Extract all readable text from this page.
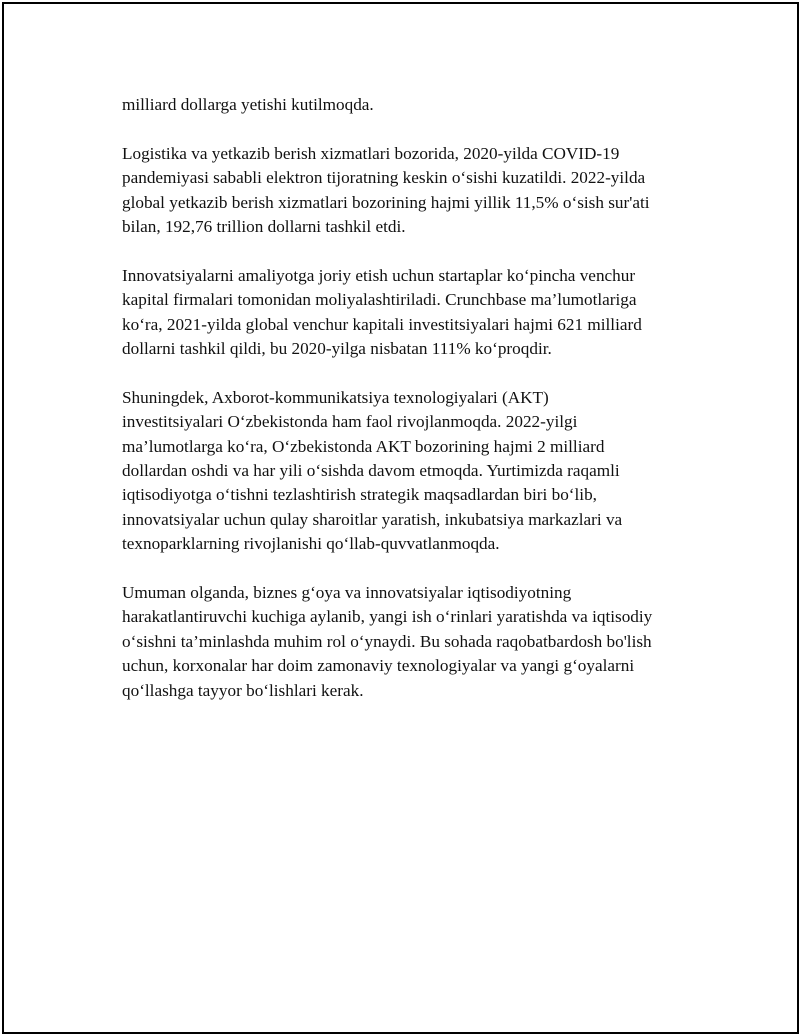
milliard dollarga yetishi kutilmoqda.

Logistika va yetkazib berish xizmatlari bozorida, 2020-yilda COVID-19
pandemiyasi sababli elektron tijoratning keskin o‘sishi kuzatildi. 2022-yilda
global yetkazib berish xizmatlari bozorining hajmi yillik 11,5% o‘sish sur'ati
bilan, 192,76 trillion dollarni tashkil etdi.

Innovatsiyalarni amaliyotga joriy etish uchun startaplar ko‘pincha venchur
kapital firmalari tomonidan moliyalashtiriladi. Crunchbase ma’lumotlariga
ko‘ra, 2021-yilda global venchur kapitali investitsiyalari hajmi 621 milliard
dollarni tashkil qildi, bu 2020-yilga nisbatan 111% ko‘proqdir.

Shuningdek, Axborot-kommunikatsiya texnologiyalari (AKT)
investitsiyalari O‘zbekistonda ham faol rivojlanmoqda. 2022-yilgi
ma’lumotlarga ko‘ra, O‘zbekistonda AKT bozorining hajmi 2 milliard
dollardan oshdi va har yili o‘sishda davom etmoqda. Yurtimizda raqamli
iqtisodiyotga o‘tishni tezlashtirish strategik maqsadlardan biri bo‘lib,
innovatsiyalar uchun qulay sharoitlar yaratish, inkubatsiya markazlari va
texnoparklarning rivojlanishi qo‘llab-quvvatlanmoqda.

Umuman olganda, biznes g‘oya va innovatsiyalar iqtisodiyotning
harakatlantiruvchi kuchiga aylanib, yangi ish o‘rinlari yaratishda va iqtisodiy
o‘sishni ta’minlashda muhim rol o‘ynaydi. Bu sohada raqobatbardosh bo'lish
uchun, korxonalar har doim zamonaviy texnologiyalar va yangi g‘oyalarni
qo‘llashga tayyor bo‘lishlari kerak.
